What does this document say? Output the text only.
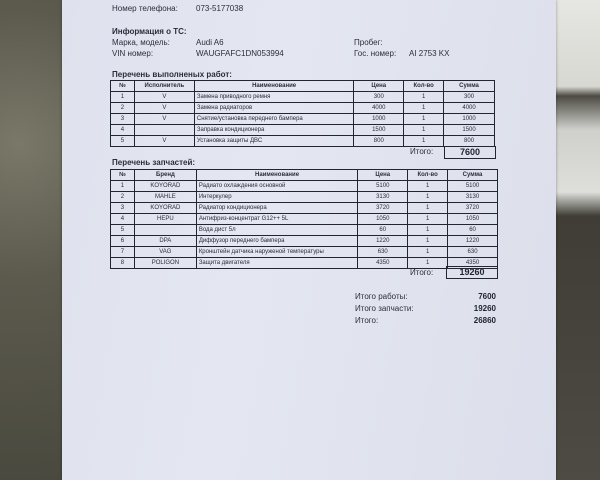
Номер телефона: 073-5177038
Информация о ТС:
Марка, модель:	Audi A6	Пробег:
VIN номер:	WAUGFAFC1DN053994	Гос. номер: AI 2753 KX
Перечень выполненых работ:
№	Исполнитель	Наименование	Цена	Кол-во	Сумма
1	V	Замена приводного ремня	300	1	300
2	V	Замена радиаторов	4000	1	4000
3	V	Снятие/установка переднего бампера	1000	1	1000
4		Заправка кондиционера	1500	1	1500
5	V	Установка защиты ДВС	800	1	800
Итого:	7600
Перечень запчастей:
№	Бренд	Наименование	Цена	Кол-во	Сумма
1	KOYORAD	Радиато охлаждения основной	5100	1	5100
2	MAHLE	Интеркулер	3130	1	3130
3	KOYORAD	Радиатор кондиционера	3720	1	3720
4	HEPU	Антифриз-концентрат G12++ 5L	1050	1	1050
5		Вода дист 5л	60	1	60
6	DPA	Диффузор переднего бампера	1220	1	1220
7	VAG	Кронштейн датчика наруженой температуры	630	1	630
8	POLIGON	Защита двигателя	4350	1	4350
Итого:	19260
Итого работы:	7600
Итого запчасти:	19260
Итого:	26860
